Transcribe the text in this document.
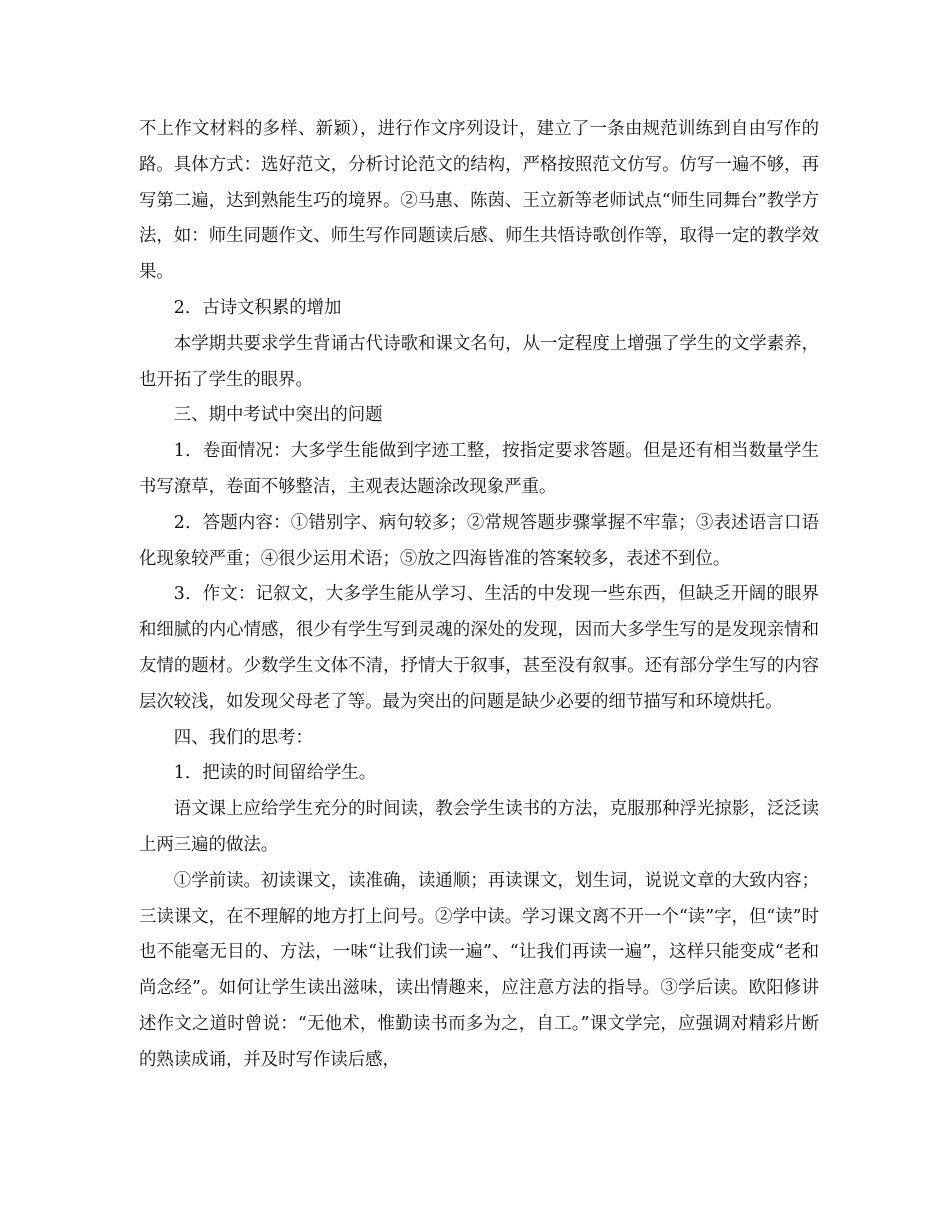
不上作文材料的多样、新颖），进行作文序列设计，建立了一条由规范训练到自由写作的路。具体方式：选好范文，分析讨论范文的结构，严格按照范文仿写。仿写一遍不够，再写第二遍，达到熟能生巧的境界。②马惠、陈茵、王立新等老师试点“师生同舞台”教学方法，如：师生同题作文、师生写作同题读后感、师生共悟诗歌创作等，取得一定的教学效果。

2．古诗文积累的增加

本学期共要求学生背诵古代诗歌和课文名句，从一定程度上增强了学生的文学素养，也开拓了学生的眼界。

三、期中考试中突出的问题

1．卷面情况：大多学生能做到字迹工整，按指定要求答题。但是还有相当数量学生书写潦草，卷面不够整洁，主观表达题涂改现象严重。

2．答题内容：①错别字、病句较多；②常规答题步骤掌握不牢靠；③表述语言口语化现象较严重；④很少运用术语；⑤放之四海皆准的答案较多，表述不到位。

3．作文：记叙文，大多学生能从学习、生活的中发现一些东西，但缺乏开阔的眼界和细腻的内心情感，很少有学生写到灵魂的深处的发现，因而大多学生写的是发现亲情和友情的题材。少数学生文体不清，抒情大于叙事，甚至没有叙事。还有部分学生写的内容层次较浅，如发现父母老了等。最为突出的问题是缺少必要的细节描写和环境烘托。

四、我们的思考：

1．把读的时间留给学生。

语文课上应给学生充分的时间读，教会学生读书的方法，克服那种浮光掠影，泛泛读上两三遍的做法。

①学前读。初读课文，读准确，读通顺；再读课文，划生词，说说文章的大致内容；三读课文，在不理解的地方打上问号。②学中读。学习课文离不开一个“读”字，但“读”时也不能毫无目的、方法，一味“让我们读一遍”、“让我们再读一遍”，这样只能变成“老和尚念经”。如何让学生读出滋味，读出情趣来，应注意方法的指导。③学后读。欧阳修讲述作文之道时曾说：“无他术，惟勤读书而多为之，自工。”课文学完，应强调对精彩片断的熟读成诵，并及时写作读后感，
